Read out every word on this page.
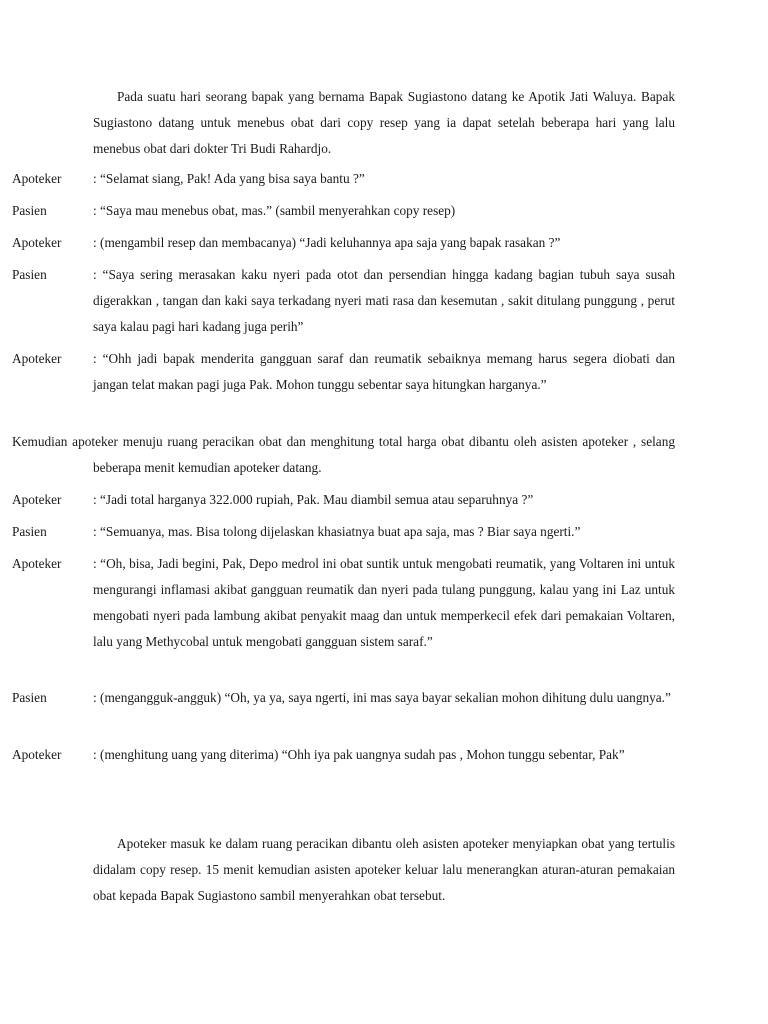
Pada suatu hari seorang bapak yang bernama Bapak Sugiastono datang ke Apotik Jati Waluya. Bapak Sugiastono datang untuk menebus obat dari copy resep yang ia dapat setelah beberapa hari yang lalu menebus obat dari dokter Tri Budi Rahardjo.

Apoteker	: “Selamat siang, Pak! Ada yang bisa saya bantu ?”
Pasien	: “Saya mau menebus obat, mas.” (sambil menyerahkan copy resep)
Apoteker	: (mengambil resep dan membacanya) “Jadi keluhannya apa saja yang bapak rasakan ?”
Pasien	: “Saya sering merasakan kaku nyeri pada otot dan persendian hingga kadang bagian tubuh saya susah digerakkan , tangan dan kaki saya terkadang nyeri mati rasa dan kesemutan , sakit ditulang punggung , perut saya kalau pagi hari kadang juga perih”
Apoteker	: “Ohh jadi bapak menderita gangguan saraf dan reumatik sebaiknya memang harus segera diobati dan jangan telat makan pagi juga Pak. Mohon tunggu sebentar saya hitungkan harganya.”

Kemudian apoteker menuju ruang peracikan obat dan menghitung total harga obat dibantu oleh asisten apoteker , selang beberapa menit kemudian apoteker datang.

Apoteker	: “Jadi total harganya 322.000 rupiah, Pak. Mau diambil semua atau separuhnya ?”
Pasien	: “Semuanya, mas. Bisa tolong dijelaskan khasiatnya buat apa saja, mas ? Biar saya ngerti.”
Apoteker	: “Oh, bisa, Jadi begini, Pak, Depo medrol ini obat suntik untuk mengobati reumatik, yang Voltaren ini untuk mengurangi inflamasi akibat gangguan reumatik dan nyeri pada tulang punggung, kalau yang ini Laz untuk mengobati nyeri pada lambung akibat penyakit maag dan untuk memperkecil efek dari pemakaian Voltaren, lalu yang Methycobal untuk mengobati gangguan sistem saraf.”
Pasien	: (mengangguk-angguk) “Oh, ya ya, saya ngerti, ini mas saya bayar sekalian mohon dihitung dulu uangnya.”
Apoteker	: (menghitung uang yang diterima) “Ohh iya pak uangnya sudah pas , Mohon tunggu sebentar, Pak”

Apoteker masuk ke dalam ruang peracikan dibantu oleh asisten apoteker menyiapkan obat yang tertulis didalam copy resep. 15 menit kemudian asisten apoteker keluar lalu menerangkan aturan-aturan pemakaian obat kepada Bapak Sugiastono sambil menyerahkan obat tersebut.
